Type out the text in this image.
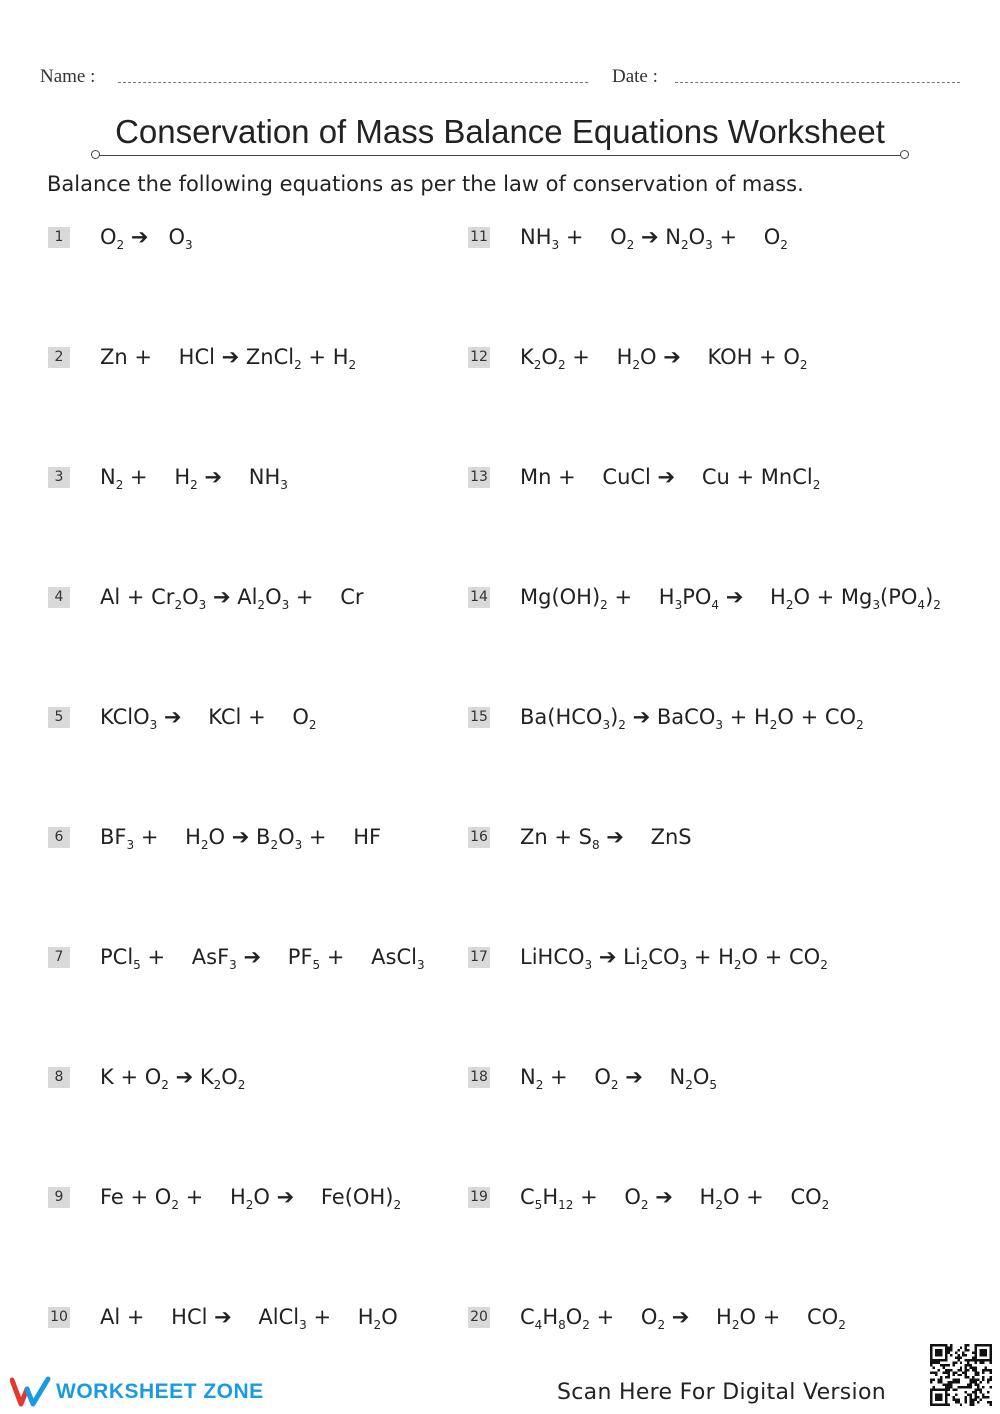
Name :	Date :
Conservation of Mass Balance Equations Worksheet
Balance the following equations as per the law of conservation of mass.
1	$O_2$ ➔   $O_3$
2	Zn +    HCl ➔ ZnCl$_2$ + $H_2$
3	$N_2$ +    $H_2$ ➔    $NH_3$
4	$Al + Cr_2O_3$ ➔ $Al_2O_3$ +    Cr
5	KClO$_3$ ➔    KCl +    $O_2$
6	$BF_3$ +    $H_2O$ ➔ $B_2O_3$ +    HF
7	PCl$_5$ +    AsF$_3$ ➔    $PF_5$ +    AsCl$_3$
8	$K + O_2$ ➔ $K_2O_2$
9	$Fe + O_2$ +    $H_2O$ ➔    $Fe(OH)_2$
10 Al +    HCl ➔    AlCl$_3$ +    $H_2O$
11 $NH_3$ +    $O_2$ ➔ $N_2O_3$ +    $O_2$
12 $K_2O_2$ +    $H_2O$ ➔    KOH + $O_2$
13 Mn +    CuCl ➔    Cu + MnCl$_2$
14 $Mg(OH)_2$ +    $H_3PO_4$ ➔    $H_2O + Mg_3(PO_4)_2$
15 $Ba(HCO_3)_2$ ➔ BaCO$_3$ + $H_2O + CO_2$
16 $Zn + S_8$ ➔    ZnS
17 LiHCO$_3$ ➔ $Li_2CO_3 + H_2O + CO_2$
18 $N_2$ +    $O_2$ ➔    $N_2O_5$
19 $C_5H_{12}$ +    $O_2$ ➔    $H_2O$ +    $CO_2$
20 $C_4H_8O_2$ +    $O_2$ ➔    $H_2O$ +    $CO_2$
WORKSHEET ZONE	Scan Here For Digital Version
